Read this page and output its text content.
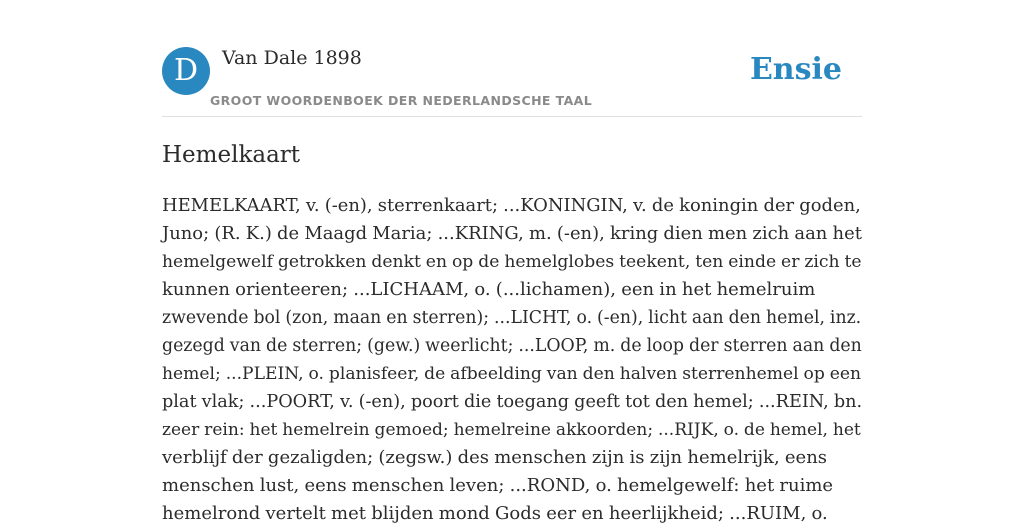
D	Van Dale 1898
GROOT WOORDENBOEK DER NEDERLANDSCHE TAAL
Ensie
Hemelkaart

HEMELKAART, v. (-en), sterrenkaart; ...KONINGIN, v. de koningin der goden,
Juno; (R. K.) de Maagd Maria; ...KRING, m. (-en), kring dien men zich aan het
hemelgewelf getrokken denkt en op de hemelglobes teekent, ten einde er zich te
kunnen orienteeren; ...LICHAAM, o. (...lichamen), een in het hemelruim
zwevende bol (zon, maan en sterren); ...LICHT, o. (-en), licht aan den hemel, inz.
gezegd van de sterren; (gew.) weerlicht; ...LOOP, m. de loop der sterren aan den
hemel; ...PLEIN, o. planisfeer, de afbeelding van den halven sterrenhemel op een
plat vlak; ...POORT, v. (-en), poort die toegang geeft tot den hemel; ...REIN, bn.
zeer rein: het hemelrein gemoed; hemelreine akkoorden; ...RIJK, o. de hemel, het
verblijf der gezaligden; (zegsw.) des menschen zijn is zijn hemelrijk, eens
menschen lust, eens menschen leven; ...ROND, o. hemelgewelf: het ruime
hemelrond vertelt met blijden mond Gods eer en heerlijkheid; ...RUIM, o.
